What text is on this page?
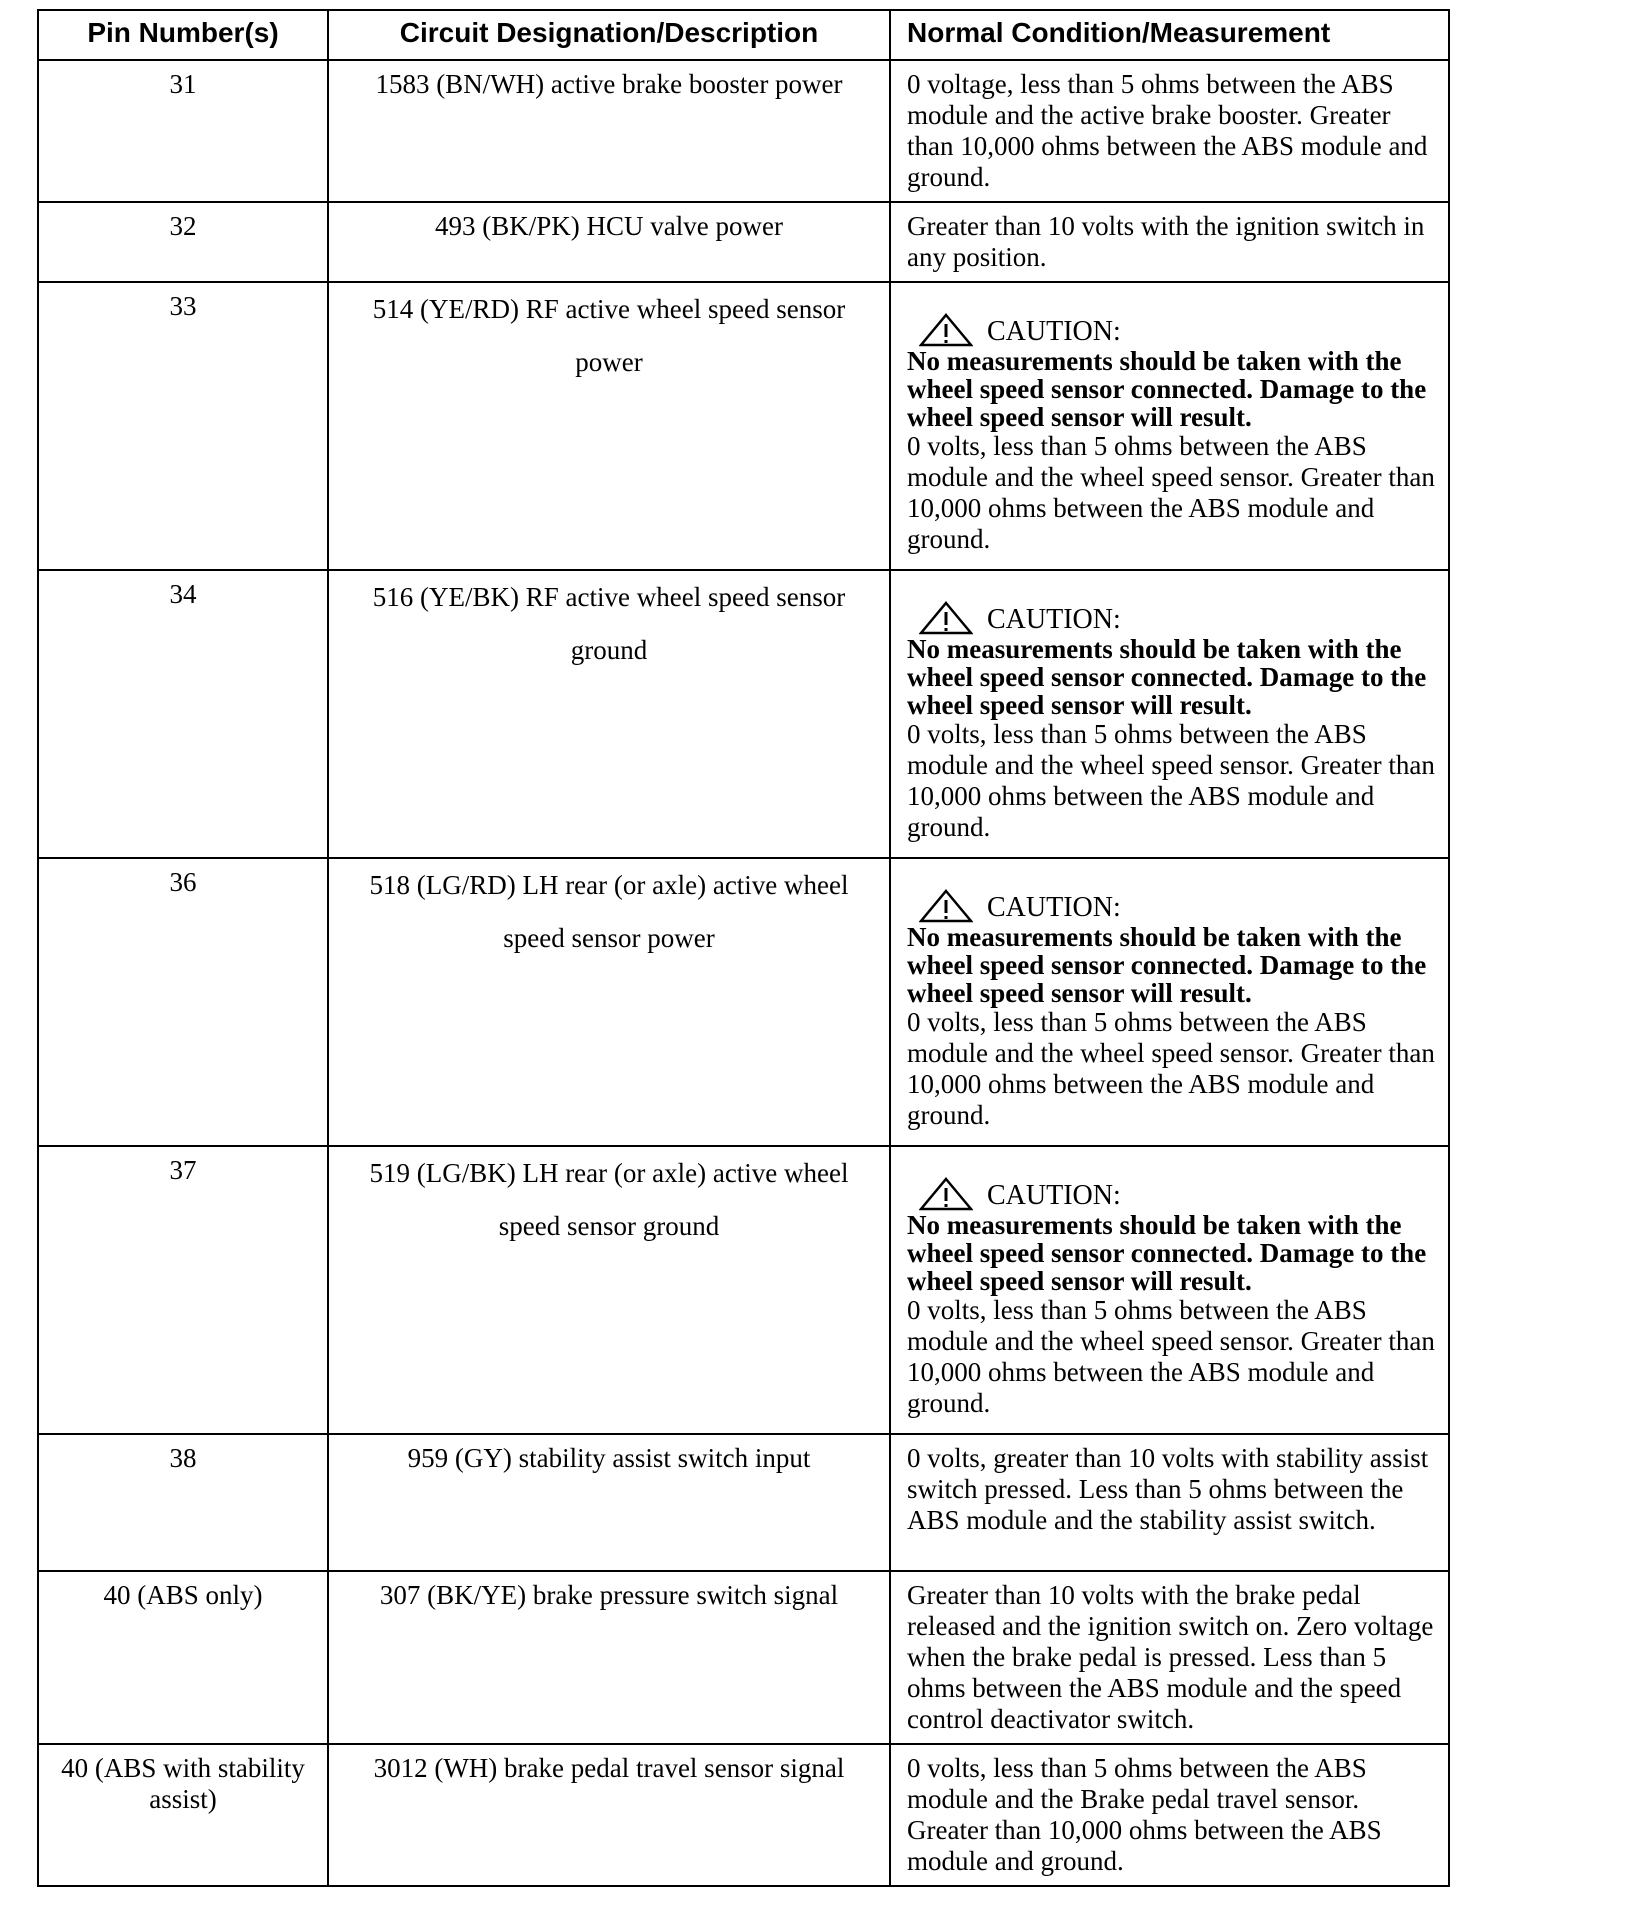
Pin Number(s)	Circuit Designation/Description	Normal Condition/Measurement
31	1583 (BN/WH) active brake booster power	0 voltage, less than 5 ohms between the ABS module and the active brake booster. Greater than 10,000 ohms between the ABS module and ground.

32	493 (BK/PK) HCU valve power	Greater than 10 volts with the ignition switch in any position.

33	514 (YE/RD) RF active wheel speed sensor power	CAUTION:
No measurements should be taken with the wheel speed sensor connected. Damage to the wheel speed sensor will result.
0 volts, less than 5 ohms between the ABS module and the wheel speed sensor. Greater than 10,000 ohms between the ABS module and ground.

34	516 (YE/BK) RF active wheel speed sensor ground	CAUTION:
No measurements should be taken with the wheel speed sensor connected. Damage to the wheel speed sensor will result.
0 volts, less than 5 ohms between the ABS module and the wheel speed sensor. Greater than 10,000 ohms between the ABS module and ground.

36	518 (LG/RD) LH rear (or axle) active wheel speed sensor power	CAUTION:
No measurements should be taken with the wheel speed sensor connected. Damage to the wheel speed sensor will result.
0 volts, less than 5 ohms between the ABS module and the wheel speed sensor. Greater than 10,000 ohms between the ABS module and ground.

37	519 (LG/BK) LH rear (or axle) active wheel speed sensor ground	CAUTION:
No measurements should be taken with the wheel speed sensor connected. Damage to the wheel speed sensor will result.
0 volts, less than 5 ohms between the ABS module and the wheel speed sensor. Greater than 10,000 ohms between the ABS module and ground.

38	959 (GY) stability assist switch input	0 volts, greater than 10 volts with stability assist switch pressed. Less than 5 ohms between the ABS module and the stability assist switch.

40 (ABS only)	307 (BK/YE) brake pressure switch signal	Greater than 10 volts with the brake pedal released and the ignition switch on. Zero voltage when the brake pedal is pressed. Less than 5 ohms between the ABS module and the speed control deactivator switch.

40 (ABS with stability assist)	3012 (WH) brake pedal travel sensor signal	0 volts, less than 5 ohms between the ABS module and the Brake pedal travel sensor. Greater than 10,000 ohms between the ABS module and ground.
